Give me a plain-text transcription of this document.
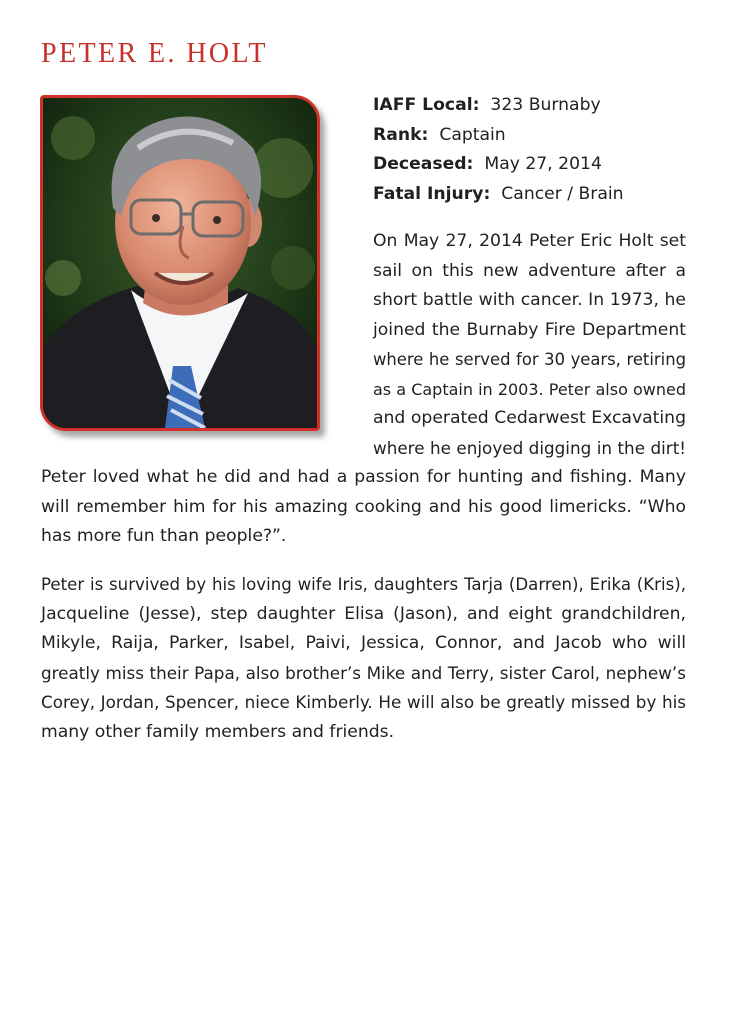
PETER E. HOLT
IAFF Local: 323 Burnaby
Rank: Captain
Deceased: May 27, 2014
Fatal Injury: Cancer / Brain
On May 27, 2014 Peter Eric Holt set
sail on this new adventure after a
short battle with cancer. In 1973, he
joined the Burnaby Fire Department
where he served for 30 years, retiring
as a Captain in 2003. Peter also owned
and operated Cedarwest Excavating
where he enjoyed digging in the dirt!
Peter loved what he did and had a passion for hunting and fishing. Many
will remember him for his amazing cooking and his good limericks. “Who
has more fun than people?”.
Peter is survived by his loving wife Iris, daughters Tarja (Darren), Erika (Kris),
Jacqueline (Jesse), step daughter Elisa (Jason), and eight grandchildren,
Mikyle, Raija, Parker, Isabel, Paivi, Jessica, Connor, and Jacob who will
greatly miss their Papa, also brother’s Mike and Terry, sister Carol, nephew’s
Corey, Jordan, Spencer, niece Kimberly. He will also be greatly missed by his
many other family members and friends.
